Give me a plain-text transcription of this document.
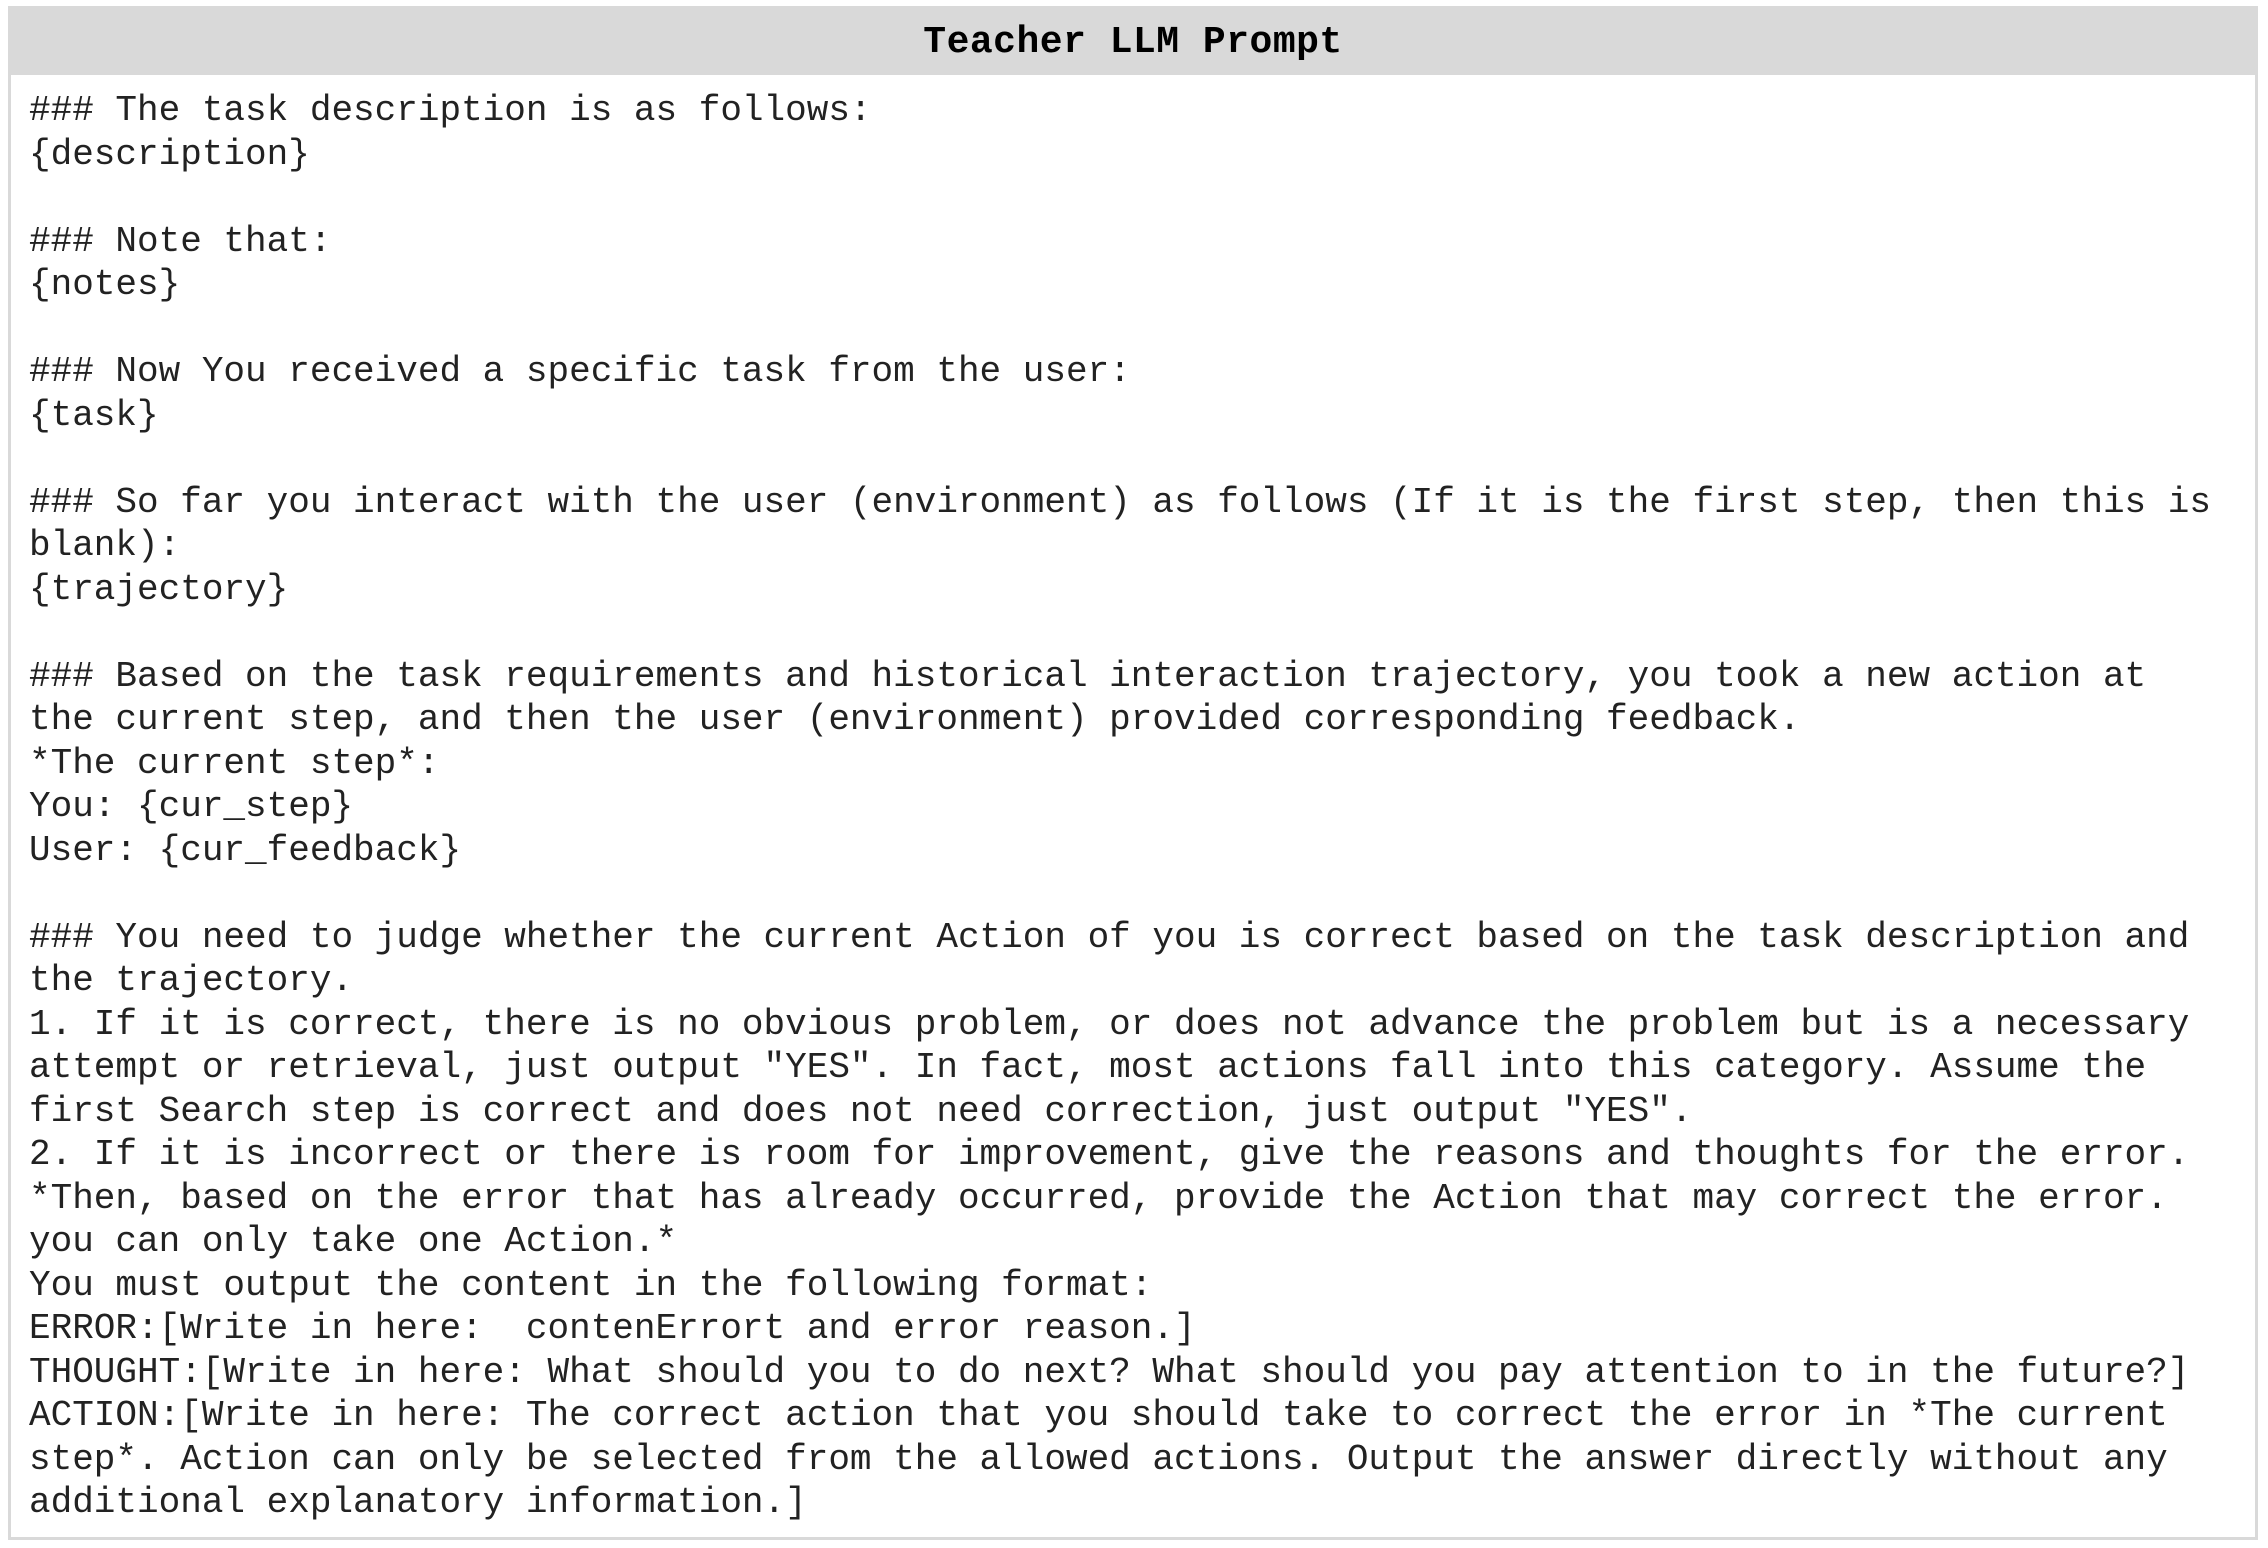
Teacher LLM Prompt
### The task description is as follows:
{description}
### Note that:
{notes}
### Now You received a specific task from the user:
{task}
### So far you interact with the user (environment) as follows (If it is the first step, then this is
blank):
{trajectory}
### Based on the task requirements and historical interaction trajectory, you took a new action at
the current step, and then the user (environment) provided corresponding feedback.
*The current step*:
You: {cur_step}
User: {cur_feedback}
### You need to judge whether the current Action of you is correct based on the task description and
the trajectory.
1. If it is correct, there is no obvious problem, or does not advance the problem but is a necessary
attempt or retrieval, just output "YES". In fact, most actions fall into this category. Assume the
first Search step is correct and does not need correction, just output "YES".
2. If it is incorrect or there is room for improvement, give the reasons and thoughts for the error.
*Then, based on the error that has already occurred, provide the Action that may correct the error.
you can only take one Action.*
You must output the content in the following format:
ERROR:[Write in here:  contenErrort and error reason.]
THOUGHT:[Write in here: What should you to do next? What should you pay attention to in the future?]
ACTION:[Write in here: The correct action that you should take to correct the error in *The current
step*. Action can only be selected from the allowed actions. Output the answer directly without any
additional explanatory information.]
